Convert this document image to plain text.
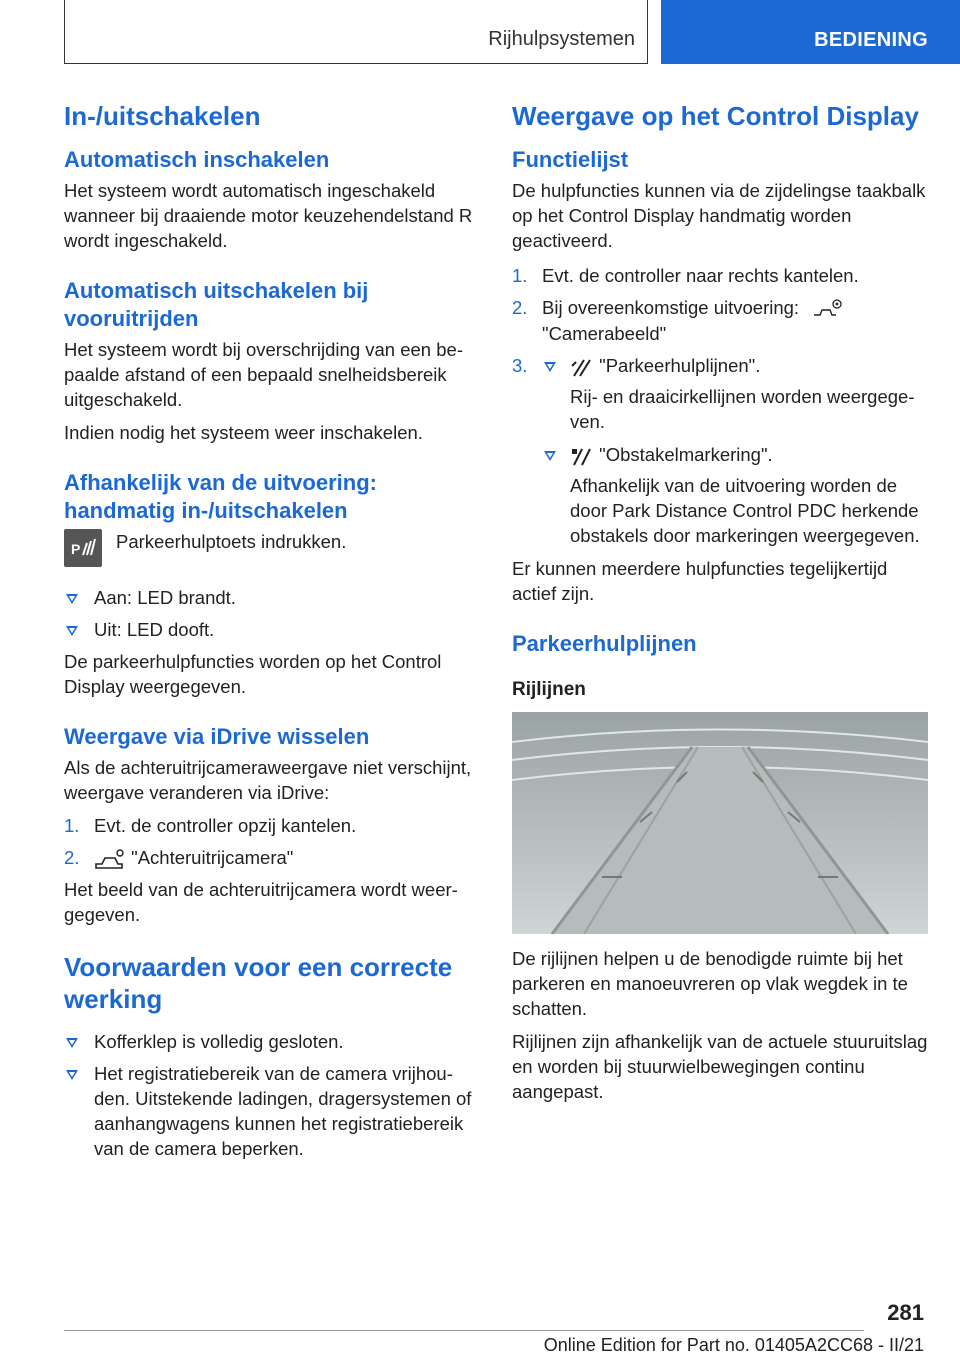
Rijhulpsystemen	BEDIENING
In-/uitschakelen
Automatisch inschakelen

Het systeem wordt automatisch ingeschakeld wanneer bij draaiende motor keuzehendelstand R wordt ingeschakeld.

Automatisch uitschakelen bij vooruitrijden

Het systeem wordt bij overschrijding van een bepaalde afstand of een bepaald snelheidsbereik uitgeschakeld.

Indien nodig het systeem weer inschakelen.

Afhankelijk van de uitvoering: handmatig in-/uitschakelen
P Parkeerhulptoets indrukken.

Aan: LED brandt.
Uit: LED dooft.

De parkeerhulpfuncties worden op het Control Display weergegeven.

Weergave via iDrive wisselen

Als de achteruitrijcameraweergave niet verschijnt, weergave veranderen via iDrive:

1. Evt. de controller opzij kantelen.
2.	"Achteruitrijcamera"

Het beeld van de achteruitrijcamera wordt weergegeven.

Voorwaarden voor een correcte werking
Kofferklep is volledig gesloten.
Het registratiebereik van de camera vrijhouden. Uitstekende ladingen, dragersystemen of aanhangwagens kunnen het registratiebereik van de camera beperken.
Weergave op het Control Display
Functielijst

De hulpfuncties kunnen via de zijdelingse taakbalk op het Control Display handmatig worden geactiveerd.

1. Evt. de controller naar rechts kantelen.
2. Bij overeenkomstige uitvoering:
"Camerabeeld"
3.	"Parkeerhulplijnen".

Rij- en draaicirkellijnen worden weergegeven.

"Obstakelmarkering".

Afhankelijk van de uitvoering worden de door Park Distance Control PDC herkende obstakels door markeringen weergegeven.

Er kunnen meerdere hulpfuncties tegelijkertijd actief zijn.

Parkeerhulplijnen
Rijlijnen

De rijlijnen helpen u de benodigde ruimte bij het parkeren en manoeuvreren op vlak wegdek in te schatten.

Rijlijnen zijn afhankelijk van de actuele stuuruitslag en worden bij stuurwielbewegingen continu aangepast.

281
Online Edition for Part no. 01405A2CC68 - II/21
